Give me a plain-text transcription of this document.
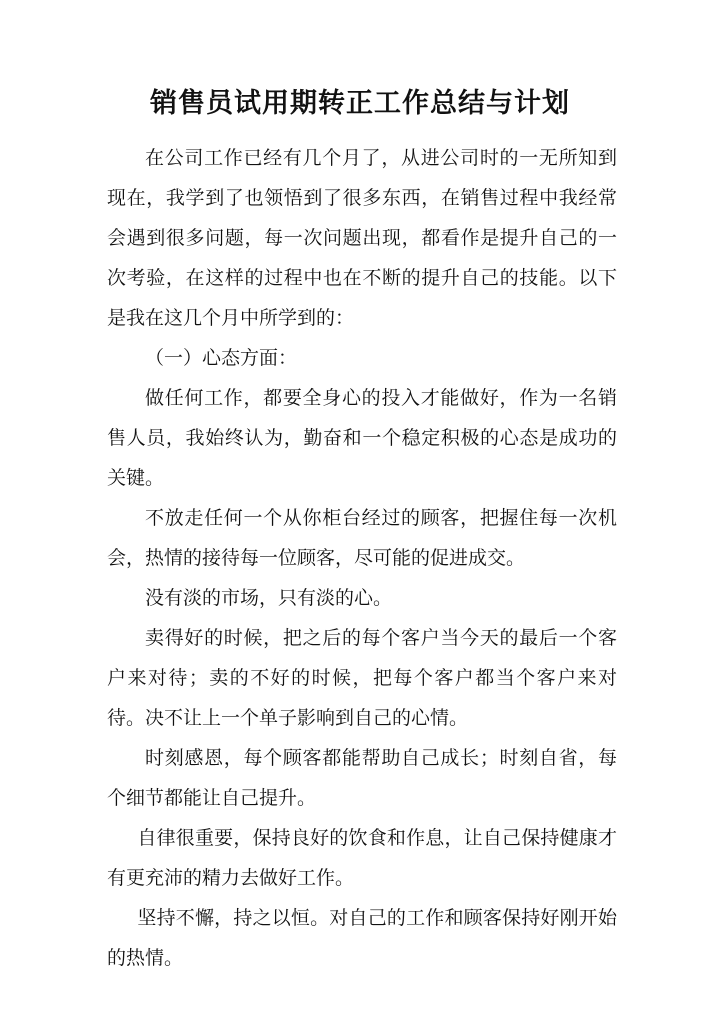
销售员试用期转正工作总结与计划

在公司工作已经有几个月了，从进公司时的一无所知到现在，我学到了也领悟到了很多东西，在销售过程中我经常会遇到很多问题，每一次问题出现，都看作是提升自己的一次考验，在这样的过程中也在不断的提升自己的技能。以下是我在这几个月中所学到的：

（一）心态方面：

做任何工作，都要全身心的投入才能做好，作为一名销售人员，我始终认为，勤奋和一个稳定积极的心态是成功的关键。

不放走任何一个从你柜台经过的顾客，把握住每一次机会，热情的接待每一位顾客，尽可能的促进成交。

没有淡的市场，只有淡的心。

卖得好的时候，把之后的每个客户当今天的最后一个客户来对待；卖的不好的时候，把每个客户都当个客户来对待。决不让上一个单子影响到自己的心情。

时刻感恩，每个顾客都能帮助自己成长；时刻自省，每个细节都能让自己提升。

自律很重要，保持良好的饮食和作息，让自己保持健康才有更充沛的精力去做好工作。

坚持不懈，持之以恒。对自己的工作和顾客保持好刚开始的热情。
